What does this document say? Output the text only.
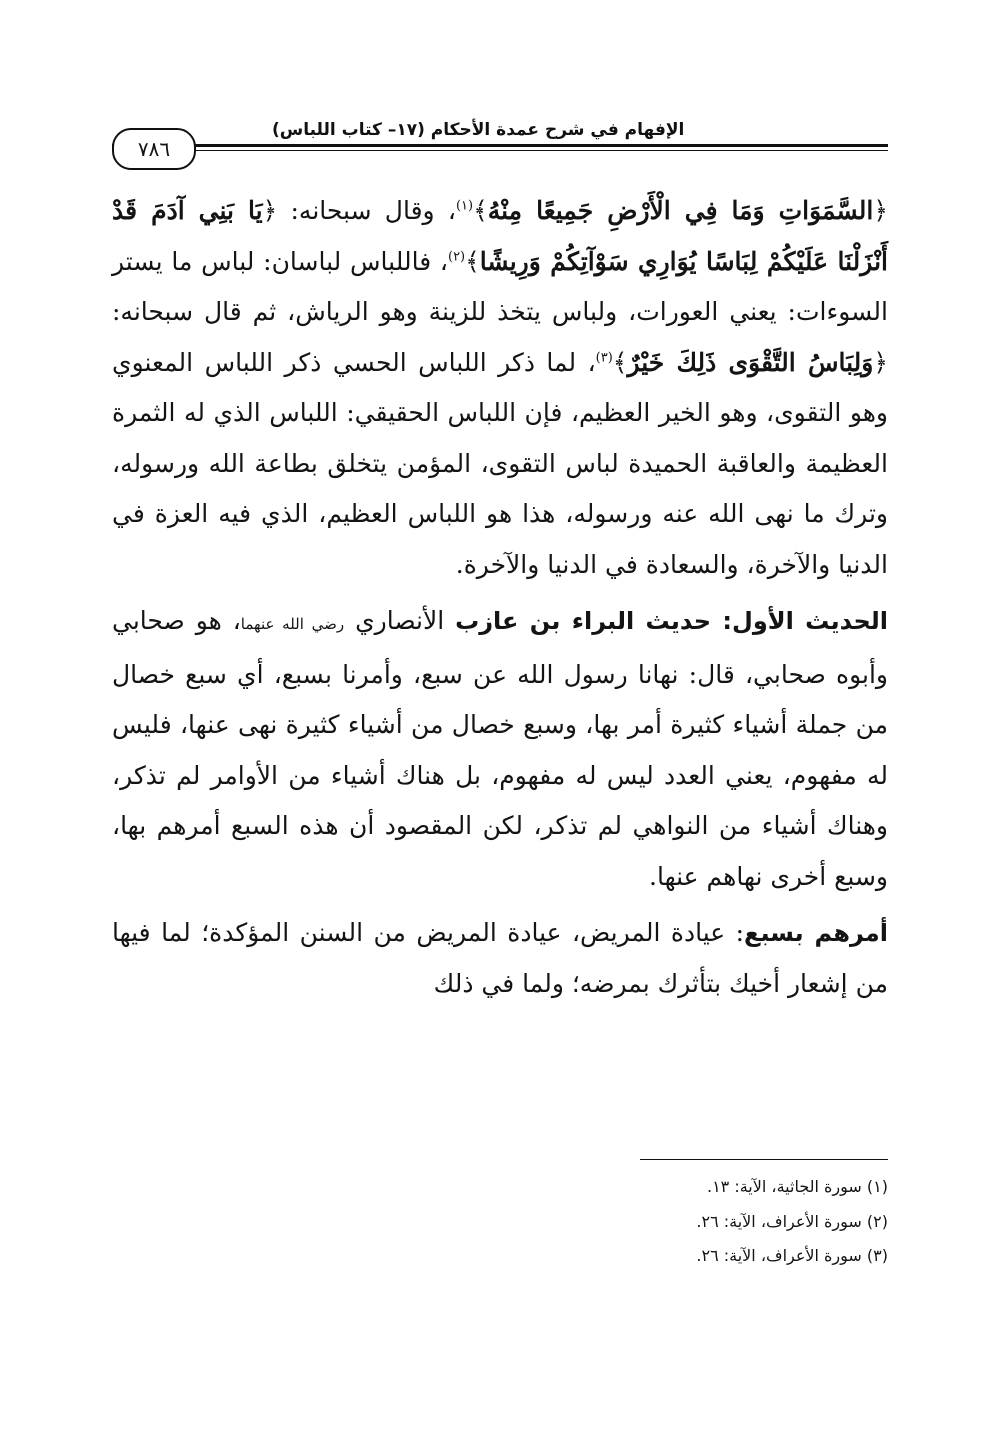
الإفهام في شرح عمدة الأحكام (١٧– كتاب اللباس)
٧٨٦

﴿السَّمَوَاتِ وَمَا فِي الْأَرْضِ جَمِيعًا مِنْهُ﴾$^{(١)}$، وقال سبحانه: ﴿يَا بَنِي آدَمَ قَدْ أَنْزَلْنَا عَلَيْكُمْ لِبَاسًا يُوَارِي سَوْآتِكُمْ وَرِيشًا﴾$^{(٢)}$، فاللباس لباسان: لباس ما يستر السوءات: يعني العورات، ولباس يتخذ للزينة وهو الرياش، ثم قال سبحانه: ﴿وَلِبَاسُ التَّقْوَى ذَلِكَ خَيْرٌ﴾$^{(٣)}$، لما ذكر اللباس الحسي ذكر اللباس المعنوي وهو التقوى، وهو الخير العظيم، فإن اللباس الحقيقي: اللباس الذي له الثمرة العظيمة والعاقبة الحميدة لباس التقوى، المؤمن يتخلق بطاعة الله ورسوله، وترك ما نهى الله عنه ورسوله، هذا هو اللباس العظيم، الذي فيه العزة في الدنيا والآخرة، والسعادة في الدنيا والآخرة.

الحديث الأول: حديث البراء بن عازب الأنصاري رضي الله عنهما، هو صحابي وأبوه صحابي، قال: نهانا رسول الله عن سبع، وأمرنا بسبع، أي سبع خصال من جملة أشياء كثيرة أمر بها، وسبع خصال من أشياء كثيرة نهى عنها، فليس له مفهوم، يعني العدد ليس له مفهوم، بل هناك أشياء من الأوامر لم تذكر، وهناك أشياء من النواهي لم تذكر، لكن المقصود أن هذه السبع أمرهم بها، وسبع أخرى نهاهم عنها.

أمرهم بسبع: عيادة المريض، عيادة المريض من السنن المؤكدة؛ لما فيها من إشعار أخيك بتأثرك بمرضه؛ ولما في ذلك

(١) سورة الجاثية، الآية: ١٣.

(٢) سورة الأعراف، الآية: ٢٦.

(٣) سورة الأعراف، الآية: ٢٦.
